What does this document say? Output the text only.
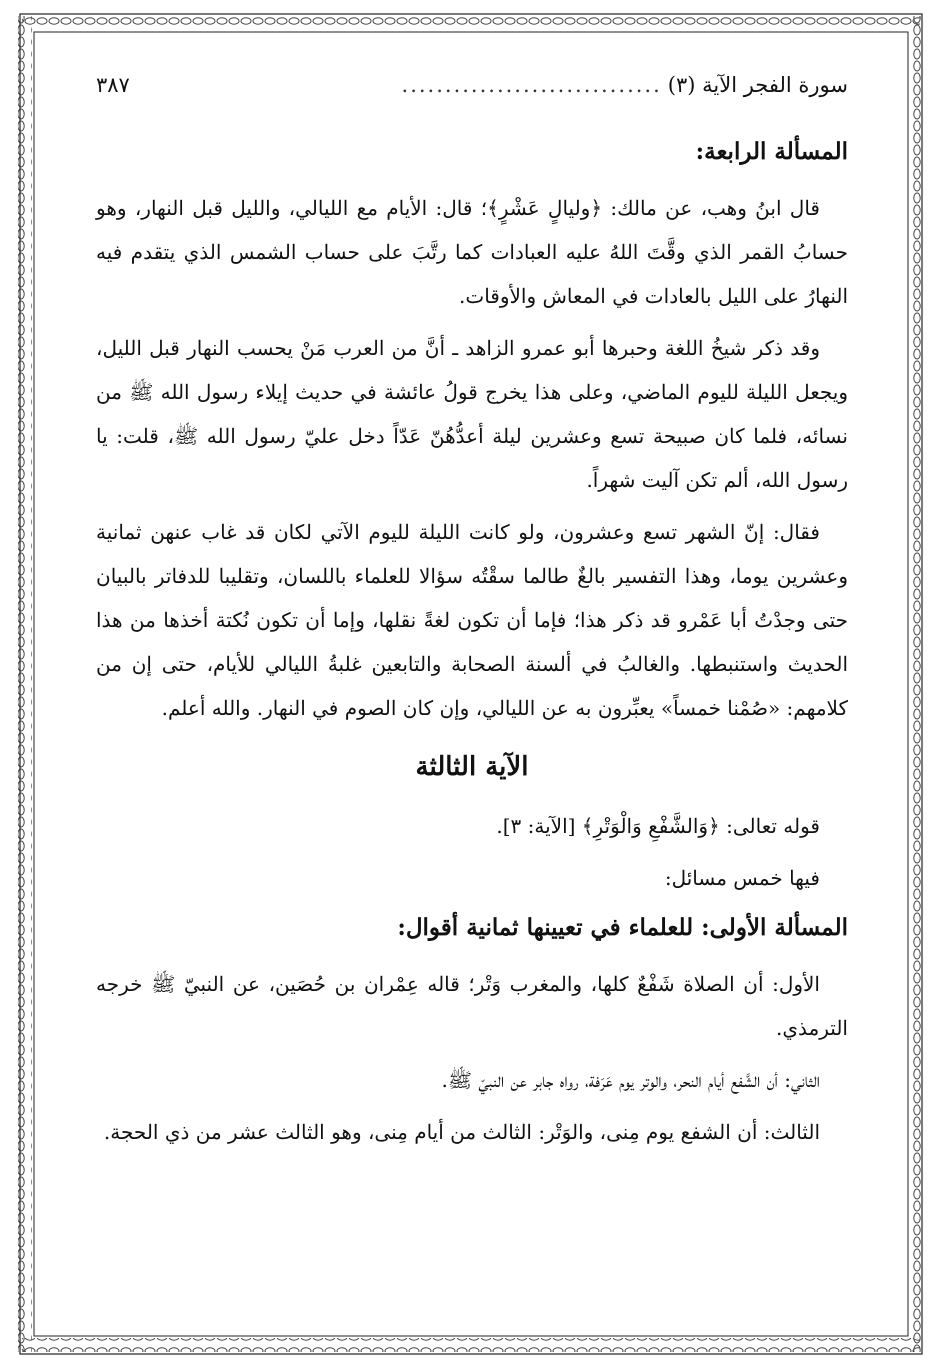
سورة الفجر الآية (٣)
..............................
٣٨٧
المسألة الرابعة:

قال ابنُ وهب، عن مالك: ﴿وليالٍ عَشْرٍ﴾؛ قال: الأيام مع الليالي، والليل قبل النهار، وهو حسابُ القمر الذي وقَّتَ اللهُ عليه العبادات كما رتَّبَ على حساب الشمس الذي يتقدم فيه النهارُ على الليل بالعادات في المعاش والأوقات.

وقد ذكر شيخُ اللغة وحبرها أبو عمرو الزاهد ـ أنَّ من العرب مَنْ يحسب النهار قبل الليل، ويجعل الليلة لليوم الماضي، وعلى هذا يخرج قولُ عائشة في حديث إيلاء رسول الله ﷺ من نسائه، فلما كان صبيحة تسع وعشرين ليلة أعدُّهُنّ عَدّاً دخل عليّ رسول الله ﷺ، قلت: يا رسول الله، ألم تكن آليت شهراً.

فقال: إنّ الشهر تسع وعشرون، ولو كانت الليلة لليوم الآتي لكان قد غاب عنهن ثمانية وعشرين يوما، وهذا التفسير بالغٌ طالما سقْتُه سؤالا للعلماء باللسان، وتقليبا للدفاتر بالبيان حتى وجدْتُ أبا عَمْرو قد ذكر هذا؛ فإما أن تكون لغةً نقلها، وإما أن تكون نُكتة أخذها من هذا الحديث واستنبطها. والغالبُ في ألسنة الصحابة والتابعين غلبةُ الليالي للأيام، حتى إن من كلامهم: «صُمْنا خمساً» يعبِّرون به عن الليالي، وإن كان الصوم في النهار. والله أعلم.

الآية الثالثة

قوله تعالى: ﴿وَالشَّفْعِ وَالْوَتْرِ﴾ [الآية: ٣].

فيها خمس مسائل:

المسألة الأولى: للعلماء في تعيينها ثمانية أقوال:

الأول: أن الصلاة شَفْعٌ كلها، والمغرب وَتْر؛ قاله عِمْران بن حُصَين، عن النبيّ ﷺ خرجه الترمذي.

الثاني: أن الشَّفع أيام النحر، والوتر يوم عَرَفة، رواه جابر عن النبيّ ﷺ.

الثالث: أن الشفع يوم مِنى، والوَتْر: الثالث من أيام مِنى، وهو الثالث عشر من ذي الحجة.
